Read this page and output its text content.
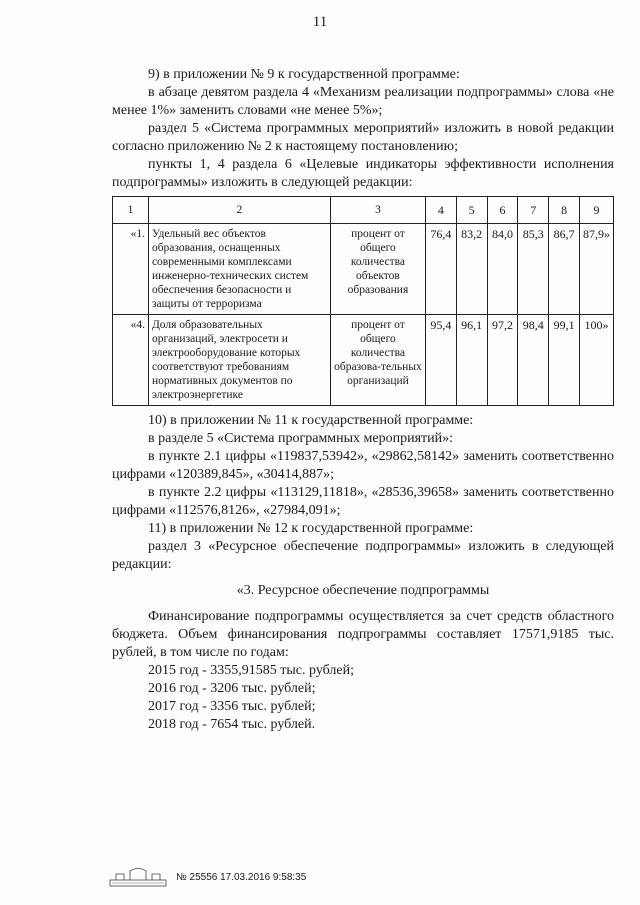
11

9) в приложении № 9 к государственной программе:

в абзаце девятом раздела 4 «Механизм реализации подпрограммы» слова «не менее 1%» заменить словами «не менее 5%»;

раздел 5 «Система программных мероприятий» изложить в новой редакции согласно приложению № 2 к настоящему постановлению;

пункты 1, 4 раздела 6 «Целевые индикаторы эффективности исполнения подпрограммы» изложить в следующей редакции:

1	2	3	4	5	6	7	8	9
«1.	Удельный вес объектов образования, оснащенных современными комплексами инженерно-технических систем обеспечения безопасности и защиты от терроризма	процент от общего количества объектов образования	76,4	83,2	84,0	85,3	86,7	87,9»
«4.	Доля образовательных организаций, электросети и электрооборудование которых соответствуют требованиям нормативных документов по электроэнергетике	процент от общего количества образова-тельных организаций	95,4	96,1	97,2	98,4	99,1	100»

10) в приложении № 11 к государственной программе:

в разделе 5 «Система программных мероприятий»:

в пункте 2.1 цифры «119837,53942», «29862,58142» заменить соответственно цифрами «120389,845», «30414,887»;

в пункте 2.2 цифры «113129,11818», «28536,39658» заменить соответственно цифрами «112576,8126», «27984,091»;

11) в приложении № 12 к государственной программе:

раздел 3 «Ресурсное обеспечение подпрограммы» изложить в следующей редакции:

«3. Ресурсное обеспечение подпрограммы

Финансирование подпрограммы осуществляется за счет средств областного бюджета. Объем финансирования подпрограммы составляет 17571,9185 тыс. рублей, в том числе по годам:

2015 год - 3355,91585 тыс. рублей;

2016 год - 3206 тыс. рублей;

2017 год - 3356 тыс. рублей;

2018 год - 7654 тыс. рублей.

№ 25556 17.03.2016 9:58:35
